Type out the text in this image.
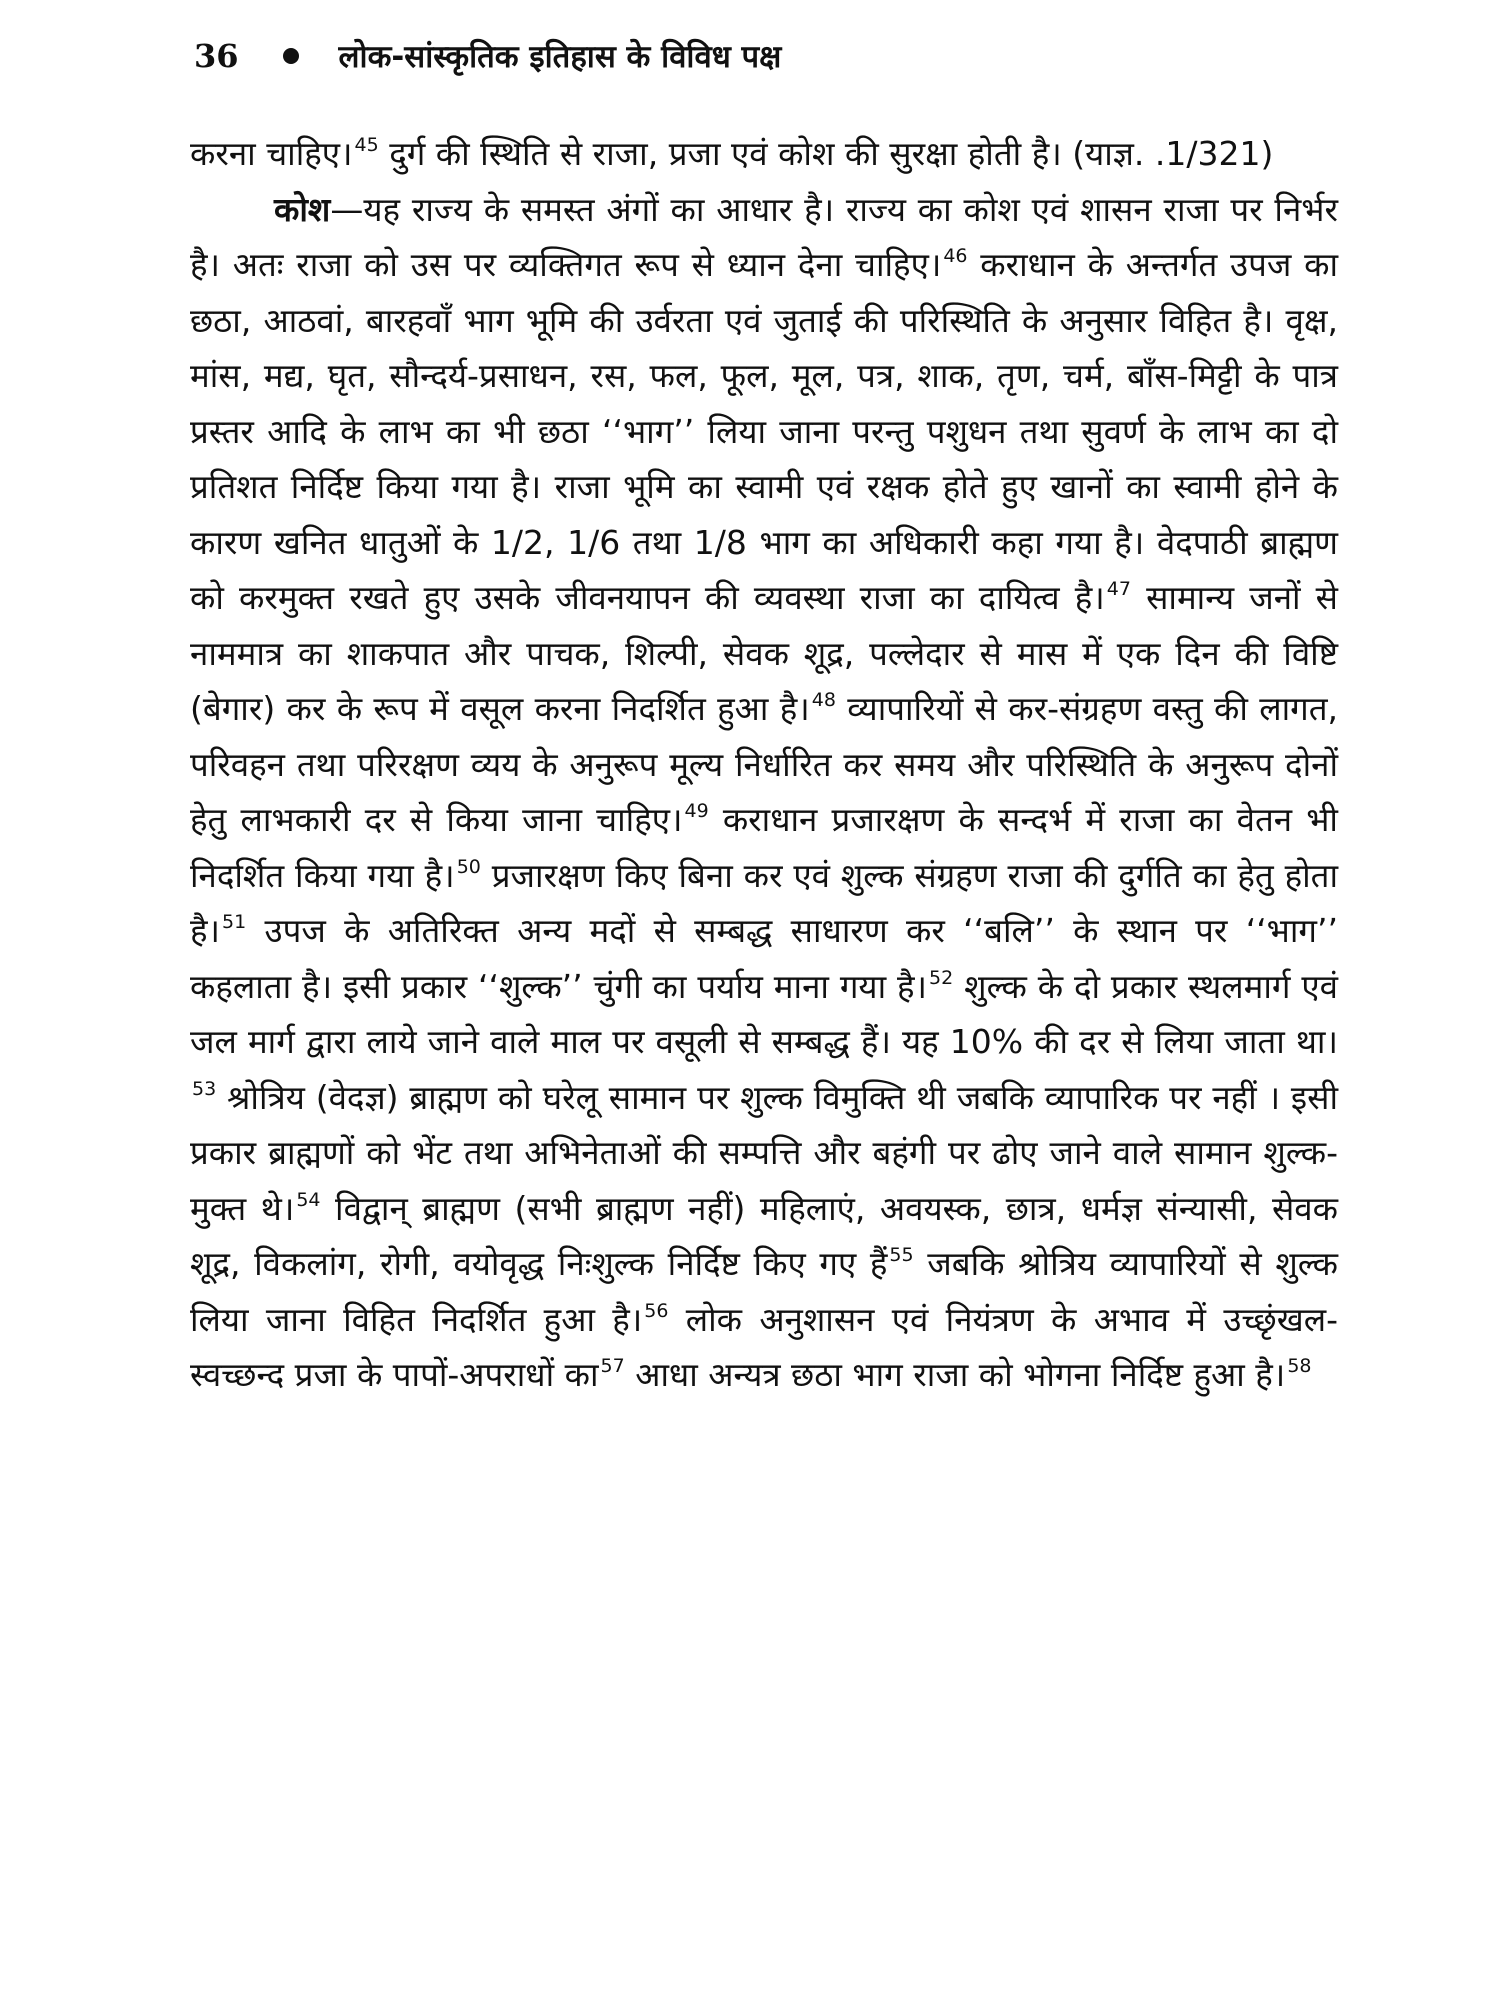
36	लोक-सांस्कृतिक इतिहास के विविध पक्ष

करना चाहिए। $^{45}$ दुर्ग की स्थिति से राजा, प्रजा एवं कोश की सुरक्षा होती है। (याज्ञ. .1/321)

कोश—यह राज्य के समस्त अंगों का आधार है। राज्य का कोश एवं शासन राजा पर निर्भर है। अतः राजा को उस पर व्यक्तिगत रूप से ध्यान देना चाहिए। $^{46}$ कराधान के अन्तर्गत उपज का छठा, आठवां, बारहवाँ भाग भूमि की उर्वरता एवं जुताई की परिस्थिति के अनुसार विहित है। वृक्ष, मांस, मद्य, घृत, सौन्दर्य-प्रसाधन, रस, फल, फूल, मूल, पत्र, शाक, तृण, चर्म, बाँस-मिट्टी के पात्र प्रस्तर आदि के लाभ का भी छठा ‘‘भाग’’ लिया जाना परन्तु पशुधन तथा सुवर्ण के लाभ का दो प्रतिशत निर्दिष्ट किया गया है। राजा भूमि का स्वामी एवं रक्षक होते हुए खानों का स्वामी होने के कारण खनित धातुओं के 1/2, 1/6 तथा 1/8 भाग का अधिकारी कहा गया है। वेदपाठी ब्राह्मण को करमुक्त रखते हुए उसके जीवनयापन की व्यवस्था राजा का दायित्व है। $^{47}$ सामान्य जनों से नाममात्र का शाकपात और पाचक, शिल्पी, सेवक शूद्र, पल्लेदार से मास में एक दिन की विष्टि (बेगार) कर के रूप में वसूल करना निदर्शित हुआ है। $^{48}$ व्यापारियों से कर-संग्रहण वस्तु की लागत, परिवहन तथा परिरक्षण व्यय के अनुरूप मूल्य निर्धारित कर समय और परिस्थिति के अनुरूप दोनों हेतु लाभकारी दर से किया जाना चाहिए। $^{49}$ कराधान प्रजारक्षण के सन्दर्भ में राजा का वेतन भी निदर्शित किया गया है। $^{50}$ प्रजारक्षण किए बिना कर एवं शुल्क संग्रहण राजा की दुर्गति का हेतु होता है। $^{51}$ उपज के अतिरिक्त अन्य मदों से सम्बद्ध साधारण कर ‘‘बलि’’ के स्थान पर ‘‘भाग’’ कहलाता है। इसी प्रकार ‘‘शुल्क’’ चुंगी का पर्याय माना गया है। $^{52}$ शुल्क के दो प्रकार स्थलमार्ग एवं जल मार्ग द्वारा लाये जाने वाले माल पर वसूली से सम्बद्ध हैं। यह 10% की दर से लिया जाता था।$^{53}$ श्रोत्रिय (वेदज्ञ) ब्राह्मण को घरेलू सामान पर शुल्क विमुक्ति थी जबकि व्यापारिक पर नहीं । इसी प्रकार ब्राह्मणों को भेंट तथा अभिनेताओं की सम्पत्ति और बहंगी पर ढोए जाने वाले सामान शुल्क-मुक्त थे। $^{54}$ विद्वान् ब्राह्मण (सभी ब्राह्मण नहीं) महिलाएं, अवयस्क, छात्र, धर्मज्ञ संन्यासी, सेवक शूद्र, विकलांग, रोगी, वयोवृद्ध निःशुल्क निर्दिष्ट किए गए हैं $^{55}$ जबकि श्रोत्रिय व्यापारियों से शुल्क लिया जाना विहित निदर्शित हुआ है। $^{56}$ लोक अनुशासन एवं नियंत्रण के अभाव में उच्छृंखल-स्वच्छन्द प्रजा के पापों-अपराधों का $^{57}$ आधा अन्यत्र छठा भाग राजा को भोगना निर्दिष्ट हुआ है। $^{58}$
